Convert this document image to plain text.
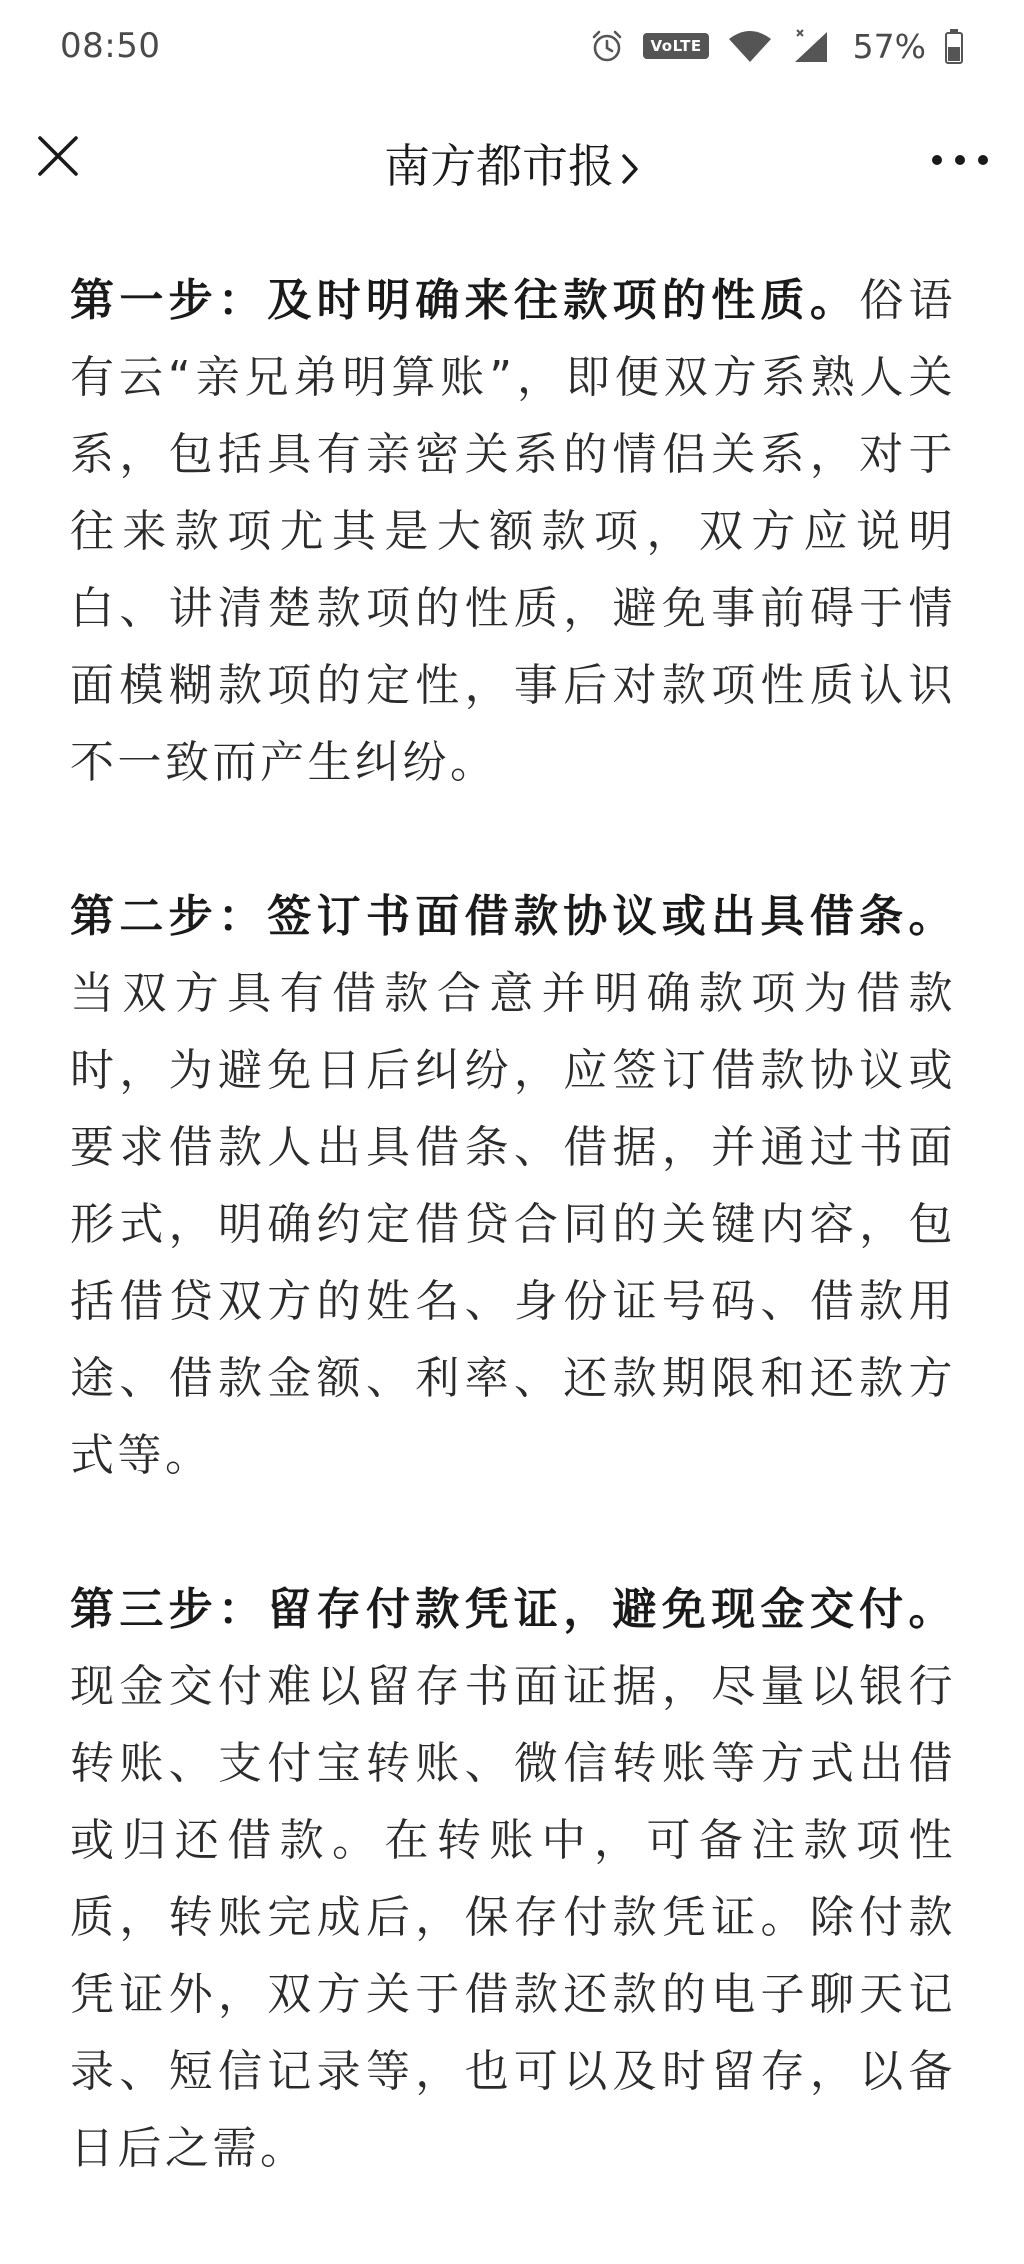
08:50	VoLTE	57%
南方都市报

第一步：及时明确来往款项的性质。俗语有云“亲兄弟明算账”，即便双方系熟人关系，包括具有亲密关系的情侣关系，对于往来款项尤其是大额款项，双方应说明白、讲清楚款项的性质，避免事前碍于情面模糊款项的定性，事后对款项性质认识不一致而产生纠纷。

第二步：签订书面借款协议或出具借条。当双方具有借款合意并明确款项为借款时，为避免日后纠纷，应签订借款协议或要求借款人出具借条、借据，并通过书面形式，明确约定借贷合同的关键内容，包括借贷双方的姓名、身份证号码、借款用途、借款金额、利率、还款期限和还款方式等。

第三步：留存付款凭证，避免现金交付。现金交付难以留存书面证据，尽量以银行转账、支付宝转账、微信转账等方式出借或归还借款。在转账中，可备注款项性质，转账完成后，保存付款凭证。除付款凭证外，双方关于借款还款的电子聊天记录、短信记录等，也可以及时留存，以备日后之需。
